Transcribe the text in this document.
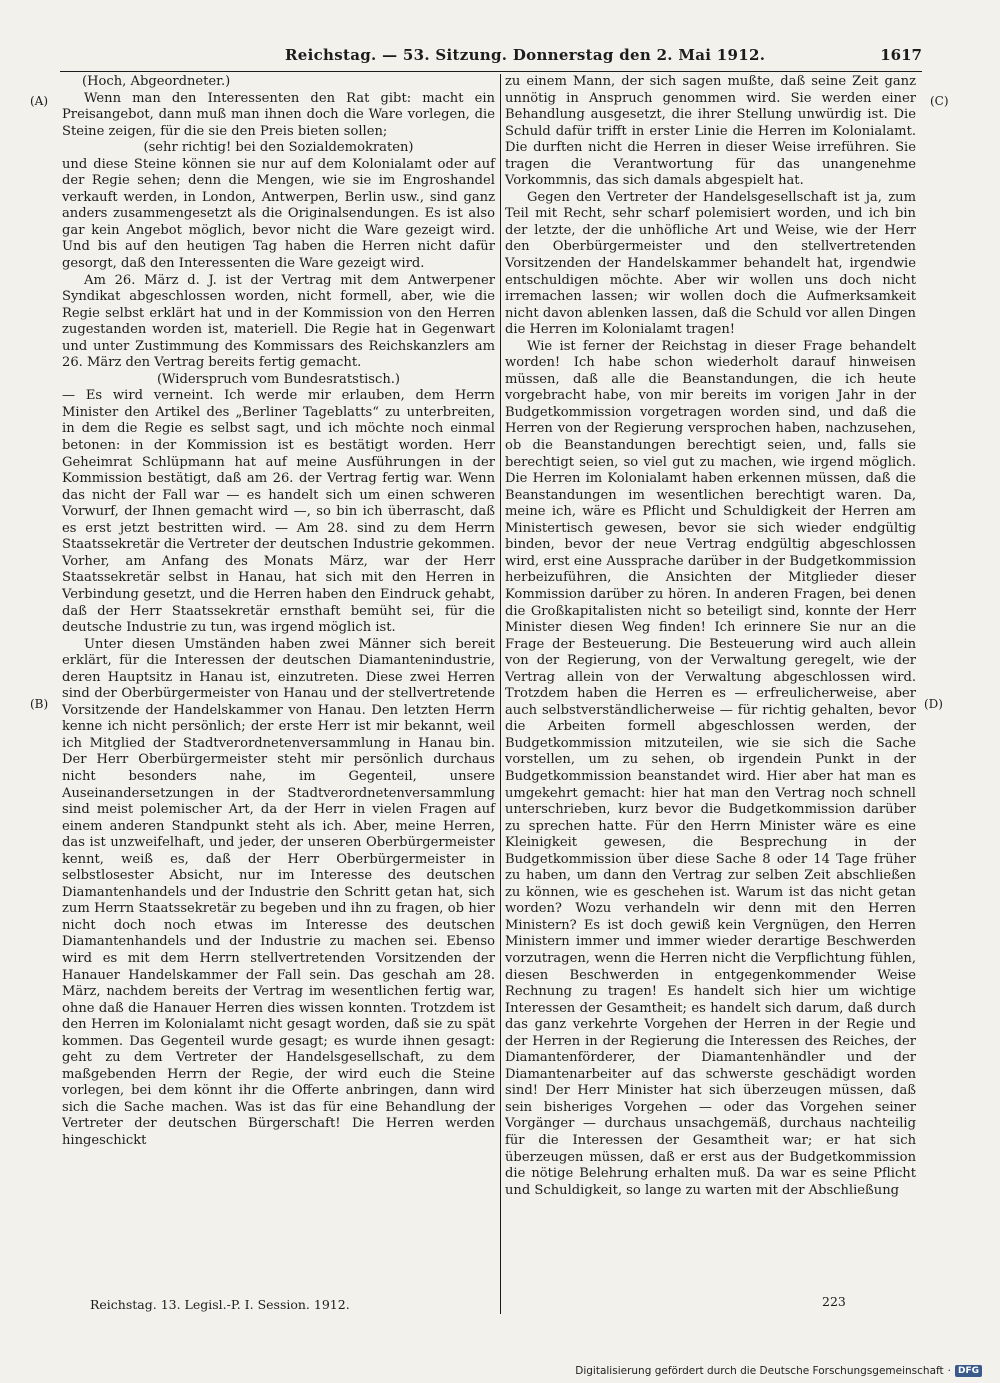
Reichstag. — 53. Sitzung. Donnerstag den 2. Mai 1912.	1617
(A)
(B)
(C)
(D)

(Hoch, Abgeordneter.)

Wenn man den Interessenten den Rat gibt: macht ein Preisangebot, dann muß man ihnen doch die Ware vorlegen, die Steine zeigen, für die sie den Preis bieten sollen;

(sehr richtig! bei den Sozialdemokraten)

und diese Steine können sie nur auf dem Kolonialamt oder auf der Regie sehen; denn die Mengen, wie sie im Engroshandel verkauft werden, in London, Antwerpen, Berlin usw., sind ganz anders zusammengesetzt als die Originalsendungen. Es ist also gar kein Angebot möglich, bevor nicht die Ware gezeigt wird. Und bis auf den heutigen Tag haben die Herren nicht dafür gesorgt, daß den Interessenten die Ware gezeigt wird.

Am 26. März d. J. ist der Vertrag mit dem Antwerpener Syndikat abgeschlossen worden, nicht formell, aber, wie die Regie selbst erklärt hat und in der Kommission von den Herren zugestanden worden ist, materiell. Die Regie hat in Gegenwart und unter Zustimmung des Kommissars des Reichskanzlers am 26. März den Vertrag bereits fertig gemacht.

(Widerspruch vom Bundesratstisch.)

— Es wird verneint. Ich werde mir erlauben, dem Herrn Minister den Artikel des „Berliner Tageblatts“ zu unterbreiten, in dem die Regie es selbst sagt, und ich möchte noch einmal betonen: in der Kommission ist es bestätigt worden. Herr Geheimrat Schlüpmann hat auf meine Ausführungen in der Kommission bestätigt, daß am 26. der Vertrag fertig war. Wenn das nicht der Fall war — es handelt sich um einen schweren Vorwurf, der Ihnen gemacht wird —, so bin ich überrascht, daß es erst jetzt bestritten wird. — Am 28. sind zu dem Herrn Staatssekretär die Vertreter der deutschen Industrie gekommen. Vorher, am Anfang des Monats März, war der Herr Staatssekretär selbst in Hanau, hat sich mit den Herren in Verbindung gesetzt, und die Herren haben den Eindruck gehabt, daß der Herr Staatssekretär ernsthaft bemüht sei, für die deutsche Industrie zu tun, was irgend möglich ist.

Unter diesen Umständen haben zwei Männer sich bereit erklärt, für die Interessen der deutschen Diamantenindustrie, deren Hauptsitz in Hanau ist, einzutreten. Diese zwei Herren sind der Oberbürgermeister von Hanau und der stellvertretende Vorsitzende der Handelskammer von Hanau. Den letzten Herrn kenne ich nicht persönlich; der erste Herr ist mir bekannt, weil ich Mitglied der Stadtverordnetenversammlung in Hanau bin. Der Herr Oberbürgermeister steht mir persönlich durchaus nicht besonders nahe, im Gegenteil, unsere Auseinandersetzungen in der Stadtverordnetenversammlung sind meist polemischer Art, da der Herr in vielen Fragen auf einem anderen Standpunkt steht als ich. Aber, meine Herren, das ist unzweifelhaft, und jeder, der unseren Oberbürgermeister kennt, weiß es, daß der Herr Oberbürgermeister in selbstlosester Absicht, nur im Interesse des deutschen Diamantenhandels und der Industrie den Schritt getan hat, sich zum Herrn Staatssekretär zu begeben und ihn zu fragen, ob hier nicht doch noch etwas im Interesse des deutschen Diamantenhandels und der Industrie zu machen sei. Ebenso wird es mit dem Herrn stellvertretenden Vorsitzenden der Hanauer Handelskammer der Fall sein. Das geschah am 28. März, nachdem bereits der Vertrag im wesentlichen fertig war, ohne daß die Hanauer Herren dies wissen konnten. Trotzdem ist den Herren im Kolonialamt nicht gesagt worden, daß sie zu spät kommen. Das Gegenteil wurde gesagt; es wurde ihnen gesagt: geht zu dem Vertreter der Handelsgesellschaft, zu dem maßgebenden Herrn der Regie, der wird euch die Steine vorlegen, bei dem könnt ihr die Offerte anbringen, dann wird sich die Sache machen. Was ist das für eine Behandlung der Vertreter der deutschen Bürgerschaft! Die Herren werden hingeschickt

zu einem Mann, der sich sagen mußte, daß seine Zeit ganz unnötig in Anspruch genommen wird. Sie werden einer Behandlung ausgesetzt, die ihrer Stellung unwürdig ist. Die Schuld dafür trifft in erster Linie die Herren im Kolonialamt. Die durften nicht die Herren in dieser Weise irreführen. Sie tragen die Verantwortung für das unangenehme Vorkommnis, das sich damals abgespielt hat.

Gegen den Vertreter der Handelsgesellschaft ist ja, zum Teil mit Recht, sehr scharf polemisiert worden, und ich bin der letzte, der die unhöfliche Art und Weise, wie der Herr den Oberbürgermeister und den stellvertretenden Vorsitzenden der Handelskammer behandelt hat, irgendwie entschuldigen möchte. Aber wir wollen uns doch nicht irremachen lassen; wir wollen doch die Aufmerksamkeit nicht davon ablenken lassen, daß die Schuld vor allen Dingen die Herren im Kolonialamt tragen!

Wie ist ferner der Reichstag in dieser Frage behandelt worden! Ich habe schon wiederholt darauf hinweisen müssen, daß alle die Beanstandungen, die ich heute vorgebracht habe, von mir bereits im vorigen Jahr in der Budgetkommission vorgetragen worden sind, und daß die Herren von der Regierung versprochen haben, nachzusehen, ob die Beanstandungen berechtigt seien, und, falls sie berechtigt seien, so viel gut zu machen, wie irgend möglich. Die Herren im Kolonialamt haben erkennen müssen, daß die Beanstandungen im wesentlichen berechtigt waren. Da, meine ich, wäre es Pflicht und Schuldigkeit der Herren am Ministertisch gewesen, bevor sie sich wieder endgültig binden, bevor der neue Vertrag endgültig abgeschlossen wird, erst eine Aussprache darüber in der Budgetkommission herbeizuführen, die Ansichten der Mitglieder dieser Kommission darüber zu hören. In anderen Fragen, bei denen die Großkapitalisten nicht so beteiligt sind, konnte der Herr Minister diesen Weg finden! Ich erinnere Sie nur an die Frage der Besteuerung. Die Besteuerung wird auch allein von der Regierung, von der Verwaltung geregelt, wie der Vertrag allein von der Verwaltung abgeschlossen wird. Trotzdem haben die Herren es — erfreulicherweise, aber auch selbstverständlicherweise — für richtig gehalten, bevor die Arbeiten formell abgeschlossen werden, der Budgetkommission mitzuteilen, wie sie sich die Sache vorstellen, um zu sehen, ob irgendein Punkt in der Budgetkommission beanstandet wird. Hier aber hat man es umgekehrt gemacht: hier hat man den Vertrag noch schnell unterschrieben, kurz bevor die Budgetkommission darüber zu sprechen hatte. Für den Herrn Minister wäre es eine Kleinigkeit gewesen, die Besprechung in der Budgetkommission über diese Sache 8 oder 14 Tage früher zu haben, um dann den Vertrag zur selben Zeit abschließen zu können, wie es geschehen ist. Warum ist das nicht getan worden? Wozu verhandeln wir denn mit den Herren Ministern? Es ist doch gewiß kein Vergnügen, den Herren Ministern immer und immer wieder derartige Beschwerden vorzutragen, wenn die Herren nicht die Verpflichtung fühlen, diesen Beschwerden in entgegenkommender Weise Rechnung zu tragen! Es handelt sich hier um wichtige Interessen der Gesamtheit; es handelt sich darum, daß durch das ganz verkehrte Vorgehen der Herren in der Regie und der Herren in der Regierung die Interessen des Reiches, der Diamantenförderer, der Diamantenhändler und der Diamantenarbeiter auf das schwerste geschädigt worden sind! Der Herr Minister hat sich überzeugen müssen, daß sein bisheriges Vorgehen — oder das Vorgehen seiner Vorgänger — durchaus unsachgemäß, durchaus nachteilig für die Interessen der Gesamtheit war; er hat sich überzeugen müssen, daß er erst aus der Budgetkommission die nötige Belehrung erhalten muß. Da war es seine Pflicht und Schuldigkeit, so lange zu warten mit der Abschließung

Reichstag. 13. Legisl.-P. I. Session. 1912.	223
Digitalisierung gefördert durch die Deutsche Forschungsgemeinschaft · DFG
